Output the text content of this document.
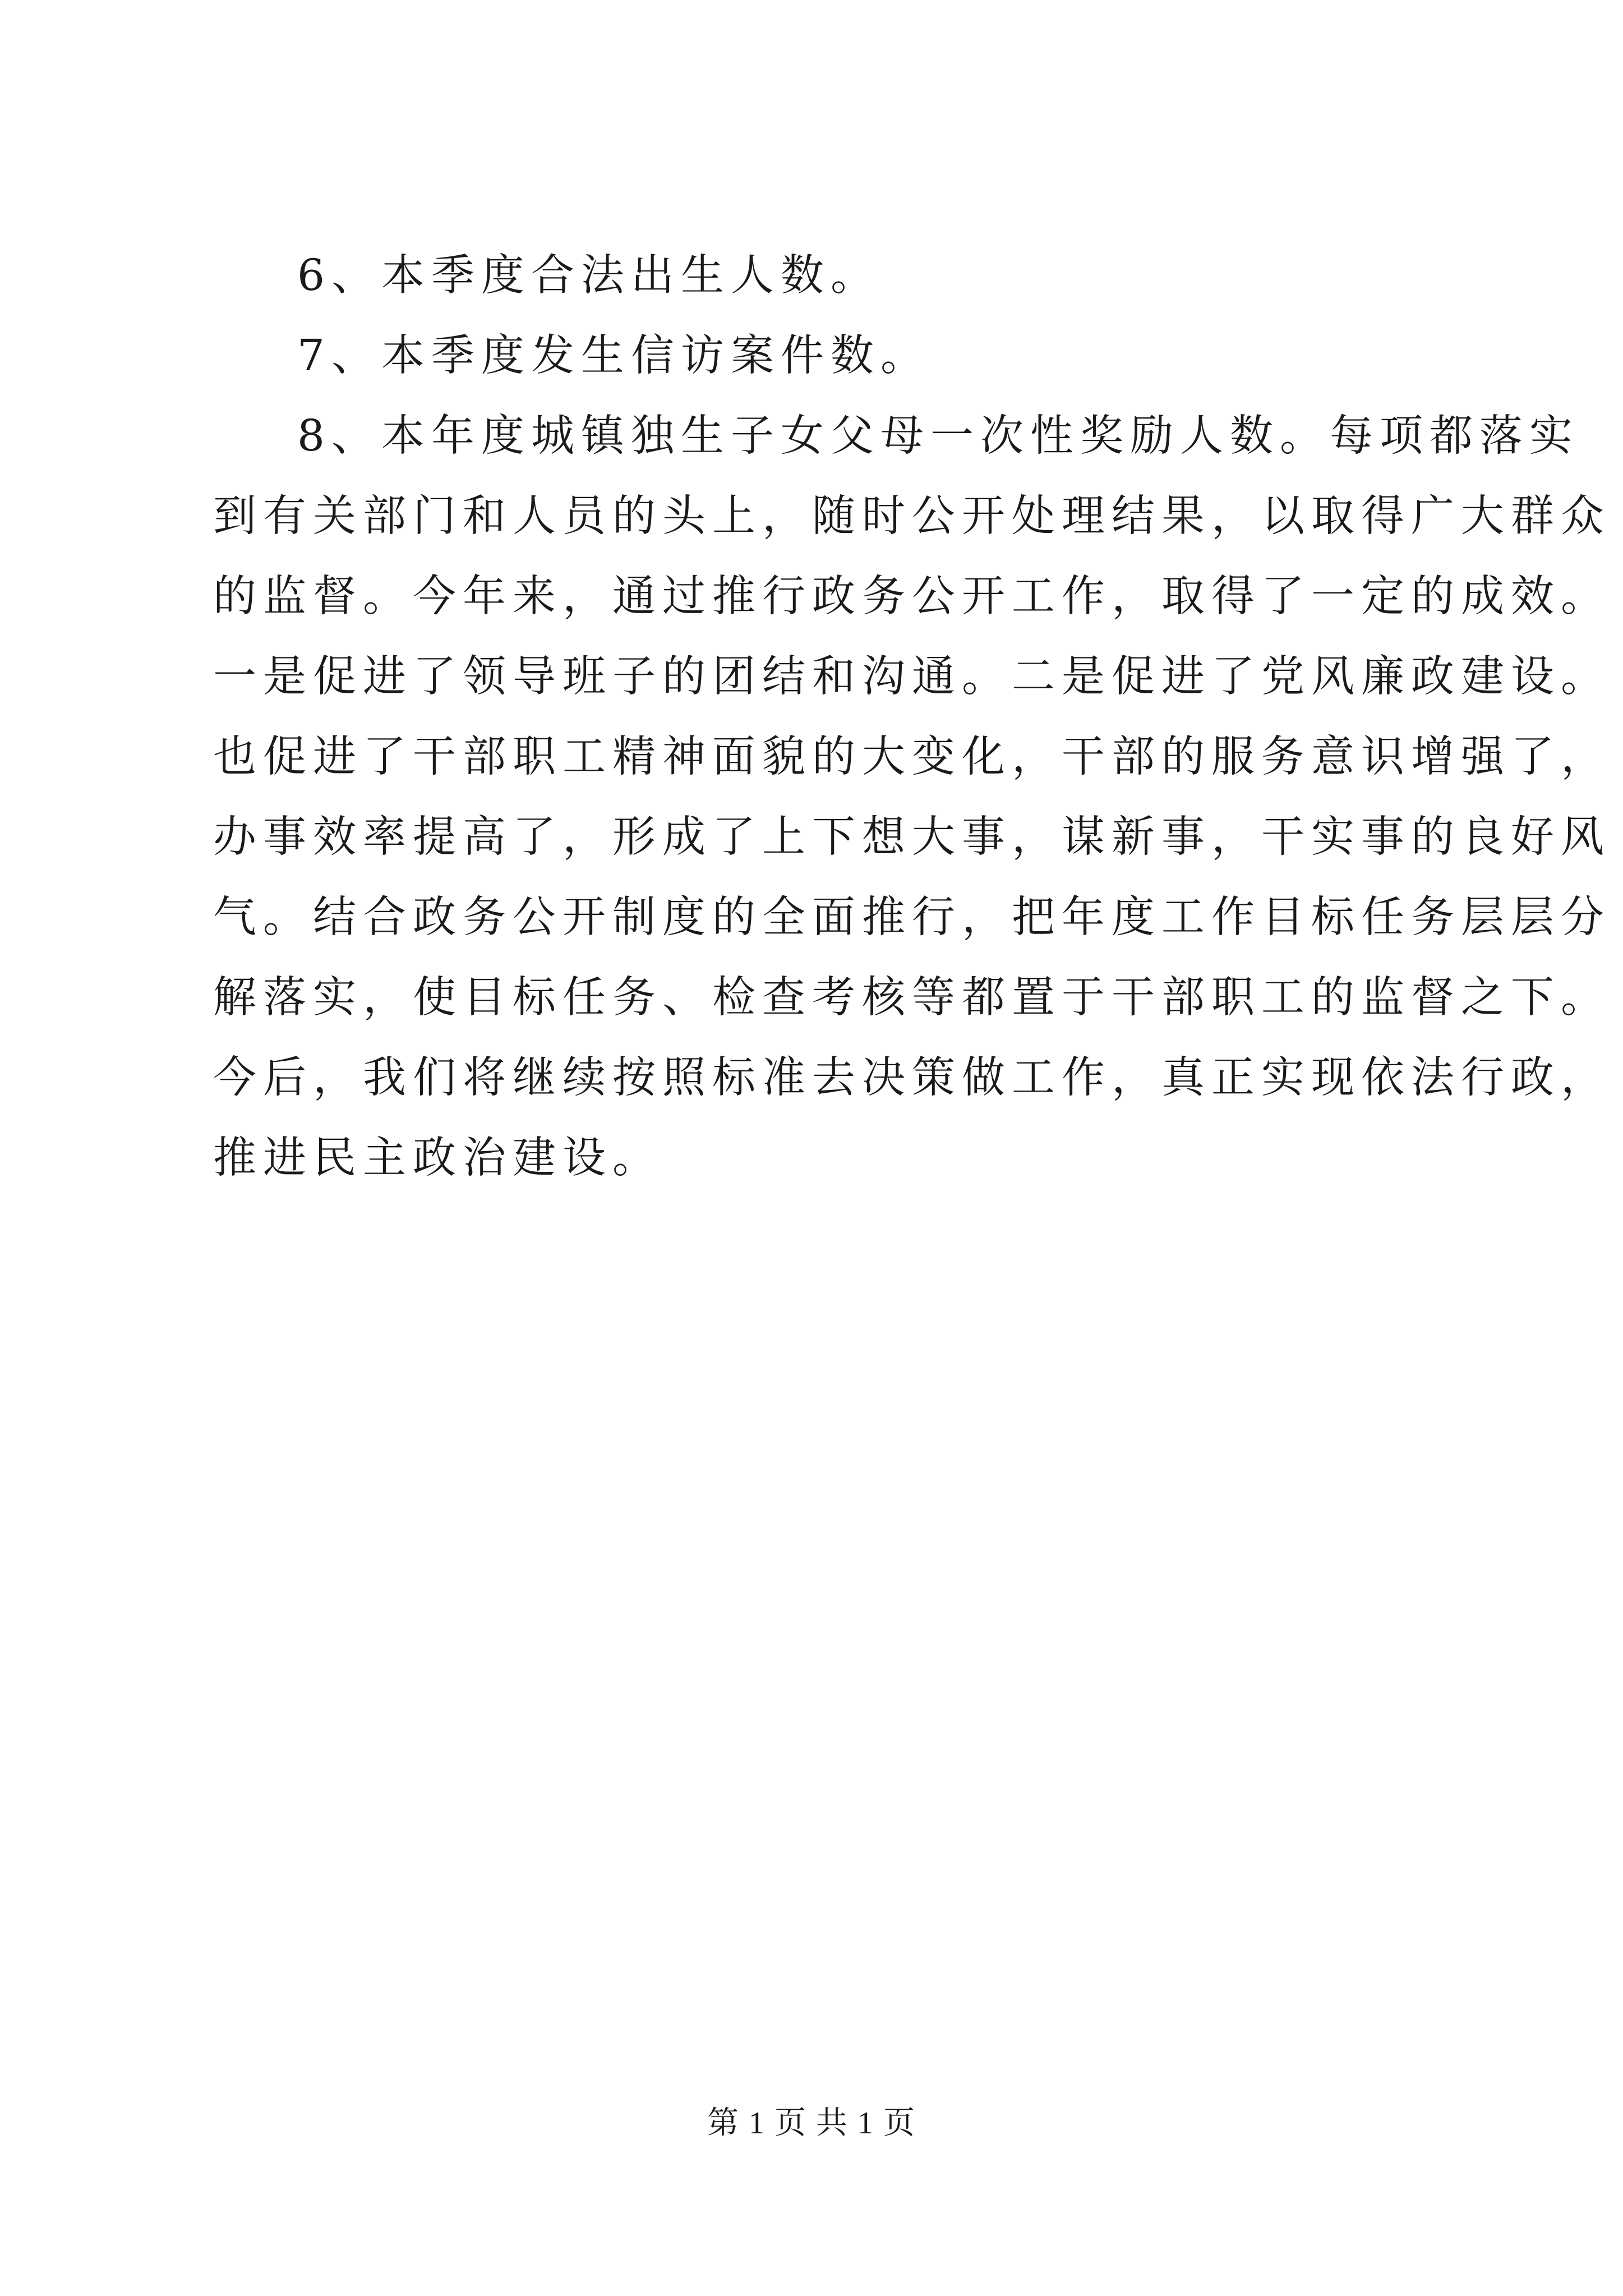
6、本季度合法出生人数。

7、本季度发生信访案件数。

8、本年度城镇独生子女父母一次性奖励人数。每项都落实

到有关部门和人员的头上，随时公开处理结果，以取得广大群众

的监督。今年来，通过推行政务公开工作，取得了一定的成效。

一是促进了领导班子的团结和沟通。二是促进了党风廉政建设。

也促进了干部职工精神面貌的大变化，干部的服务意识增强了，

办事效率提高了，形成了上下想大事，谋新事，干实事的良好风

气。结合政务公开制度的全面推行，把年度工作目标任务层层分

解落实，使目标任务、检查考核等都置于干部职工的监督之下。

今后，我们将继续按照标准去决策做工作，真正实现依法行政，

推进民主政治建设。

第 1 页 共 1 页
